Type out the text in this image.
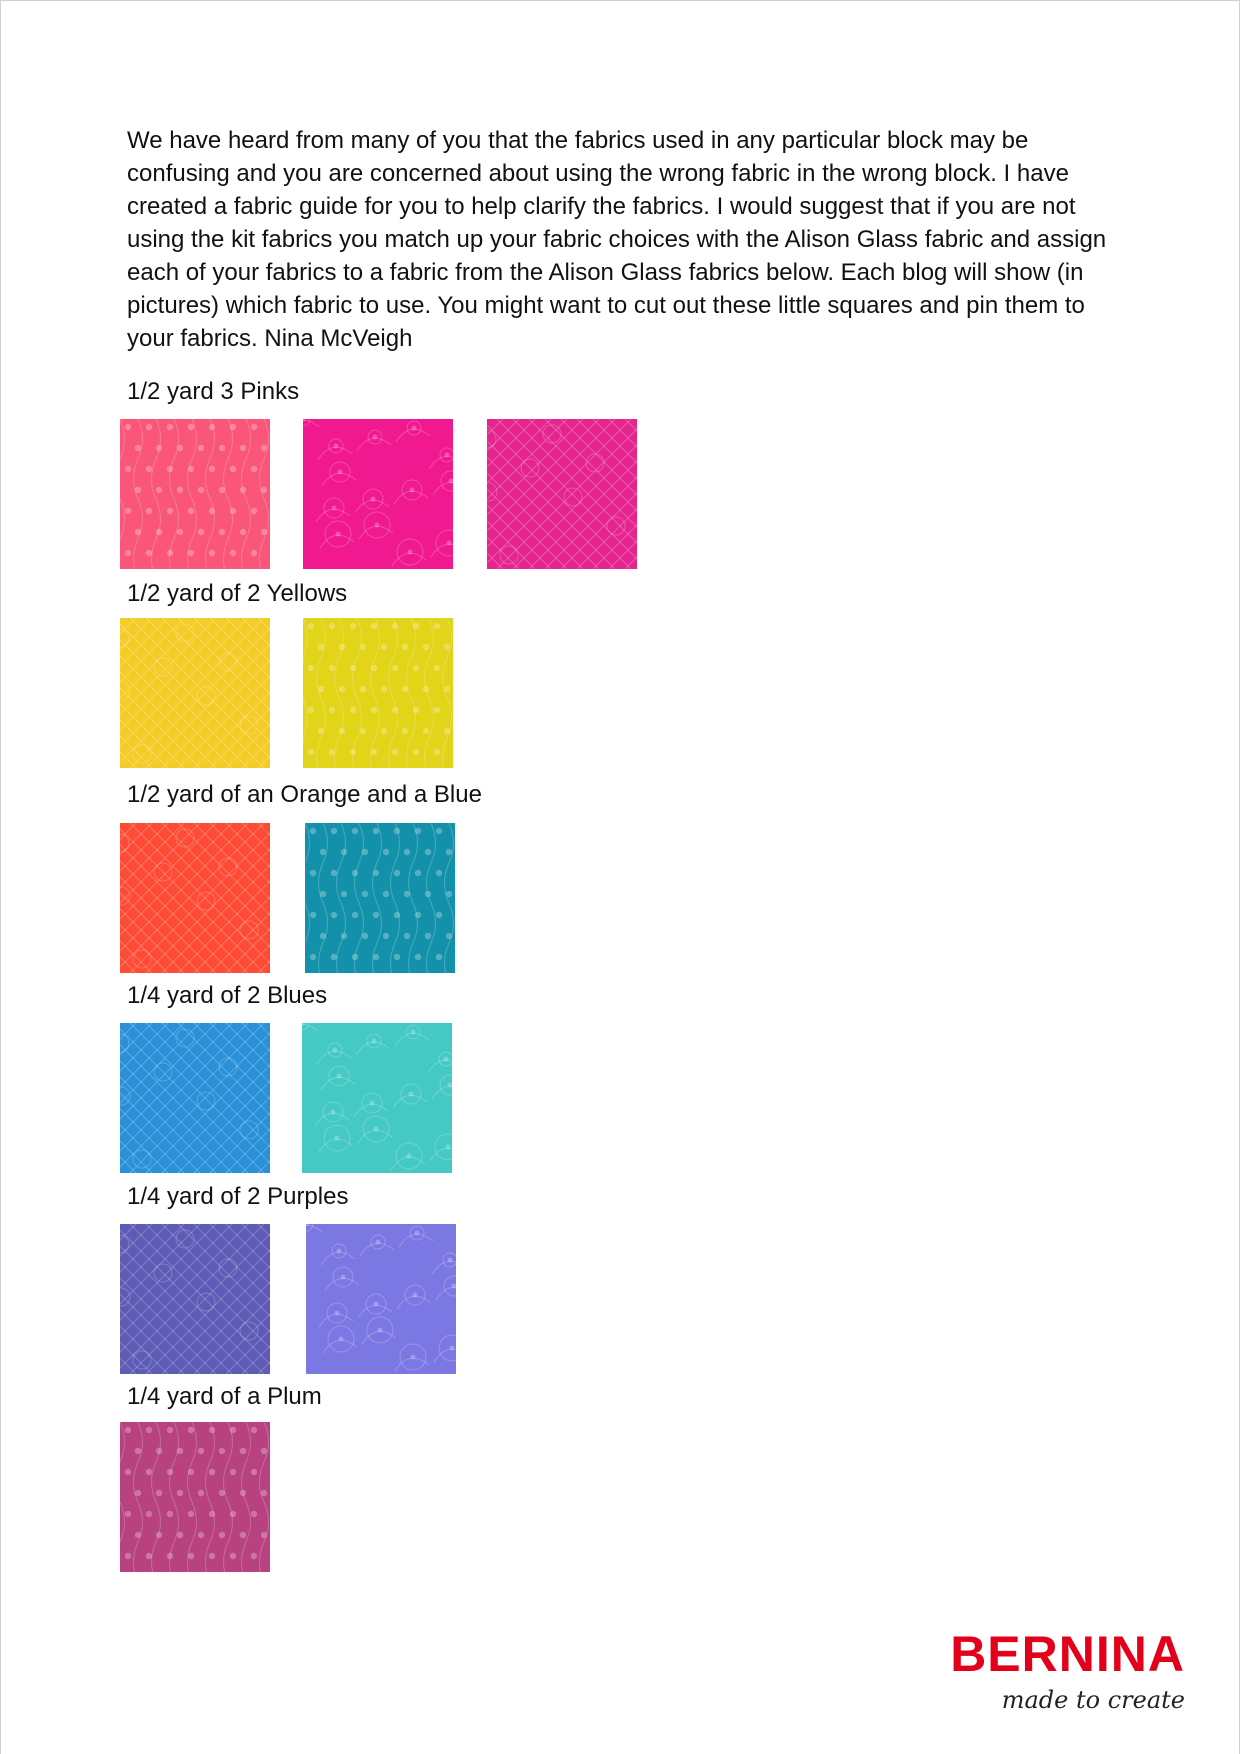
We have heard from many of you that the fabrics used in any particular block may be confusing and you are concerned about using the wrong fabric in the wrong block. I have created a fabric guide for you to help clarify the fabrics. I would suggest that if you are not using the kit fabrics you match up your fabric choices with the Alison Glass fabric and assign each of your fabrics to a fabric from the Alison Glass fabrics below. Each blog will show (in pictures) which fabric to use. You might want to cut out these little squares and pin them to your fabrics. Nina McVeigh

1/2 yard 3 Pinks

1/2 yard of 2 Yellows

1/2 yard of an Orange and a Blue

1/4 yard of 2 Blues

1/4 yard of 2 Purples

1/4 yard of a Plum

BERNINA
made to create
